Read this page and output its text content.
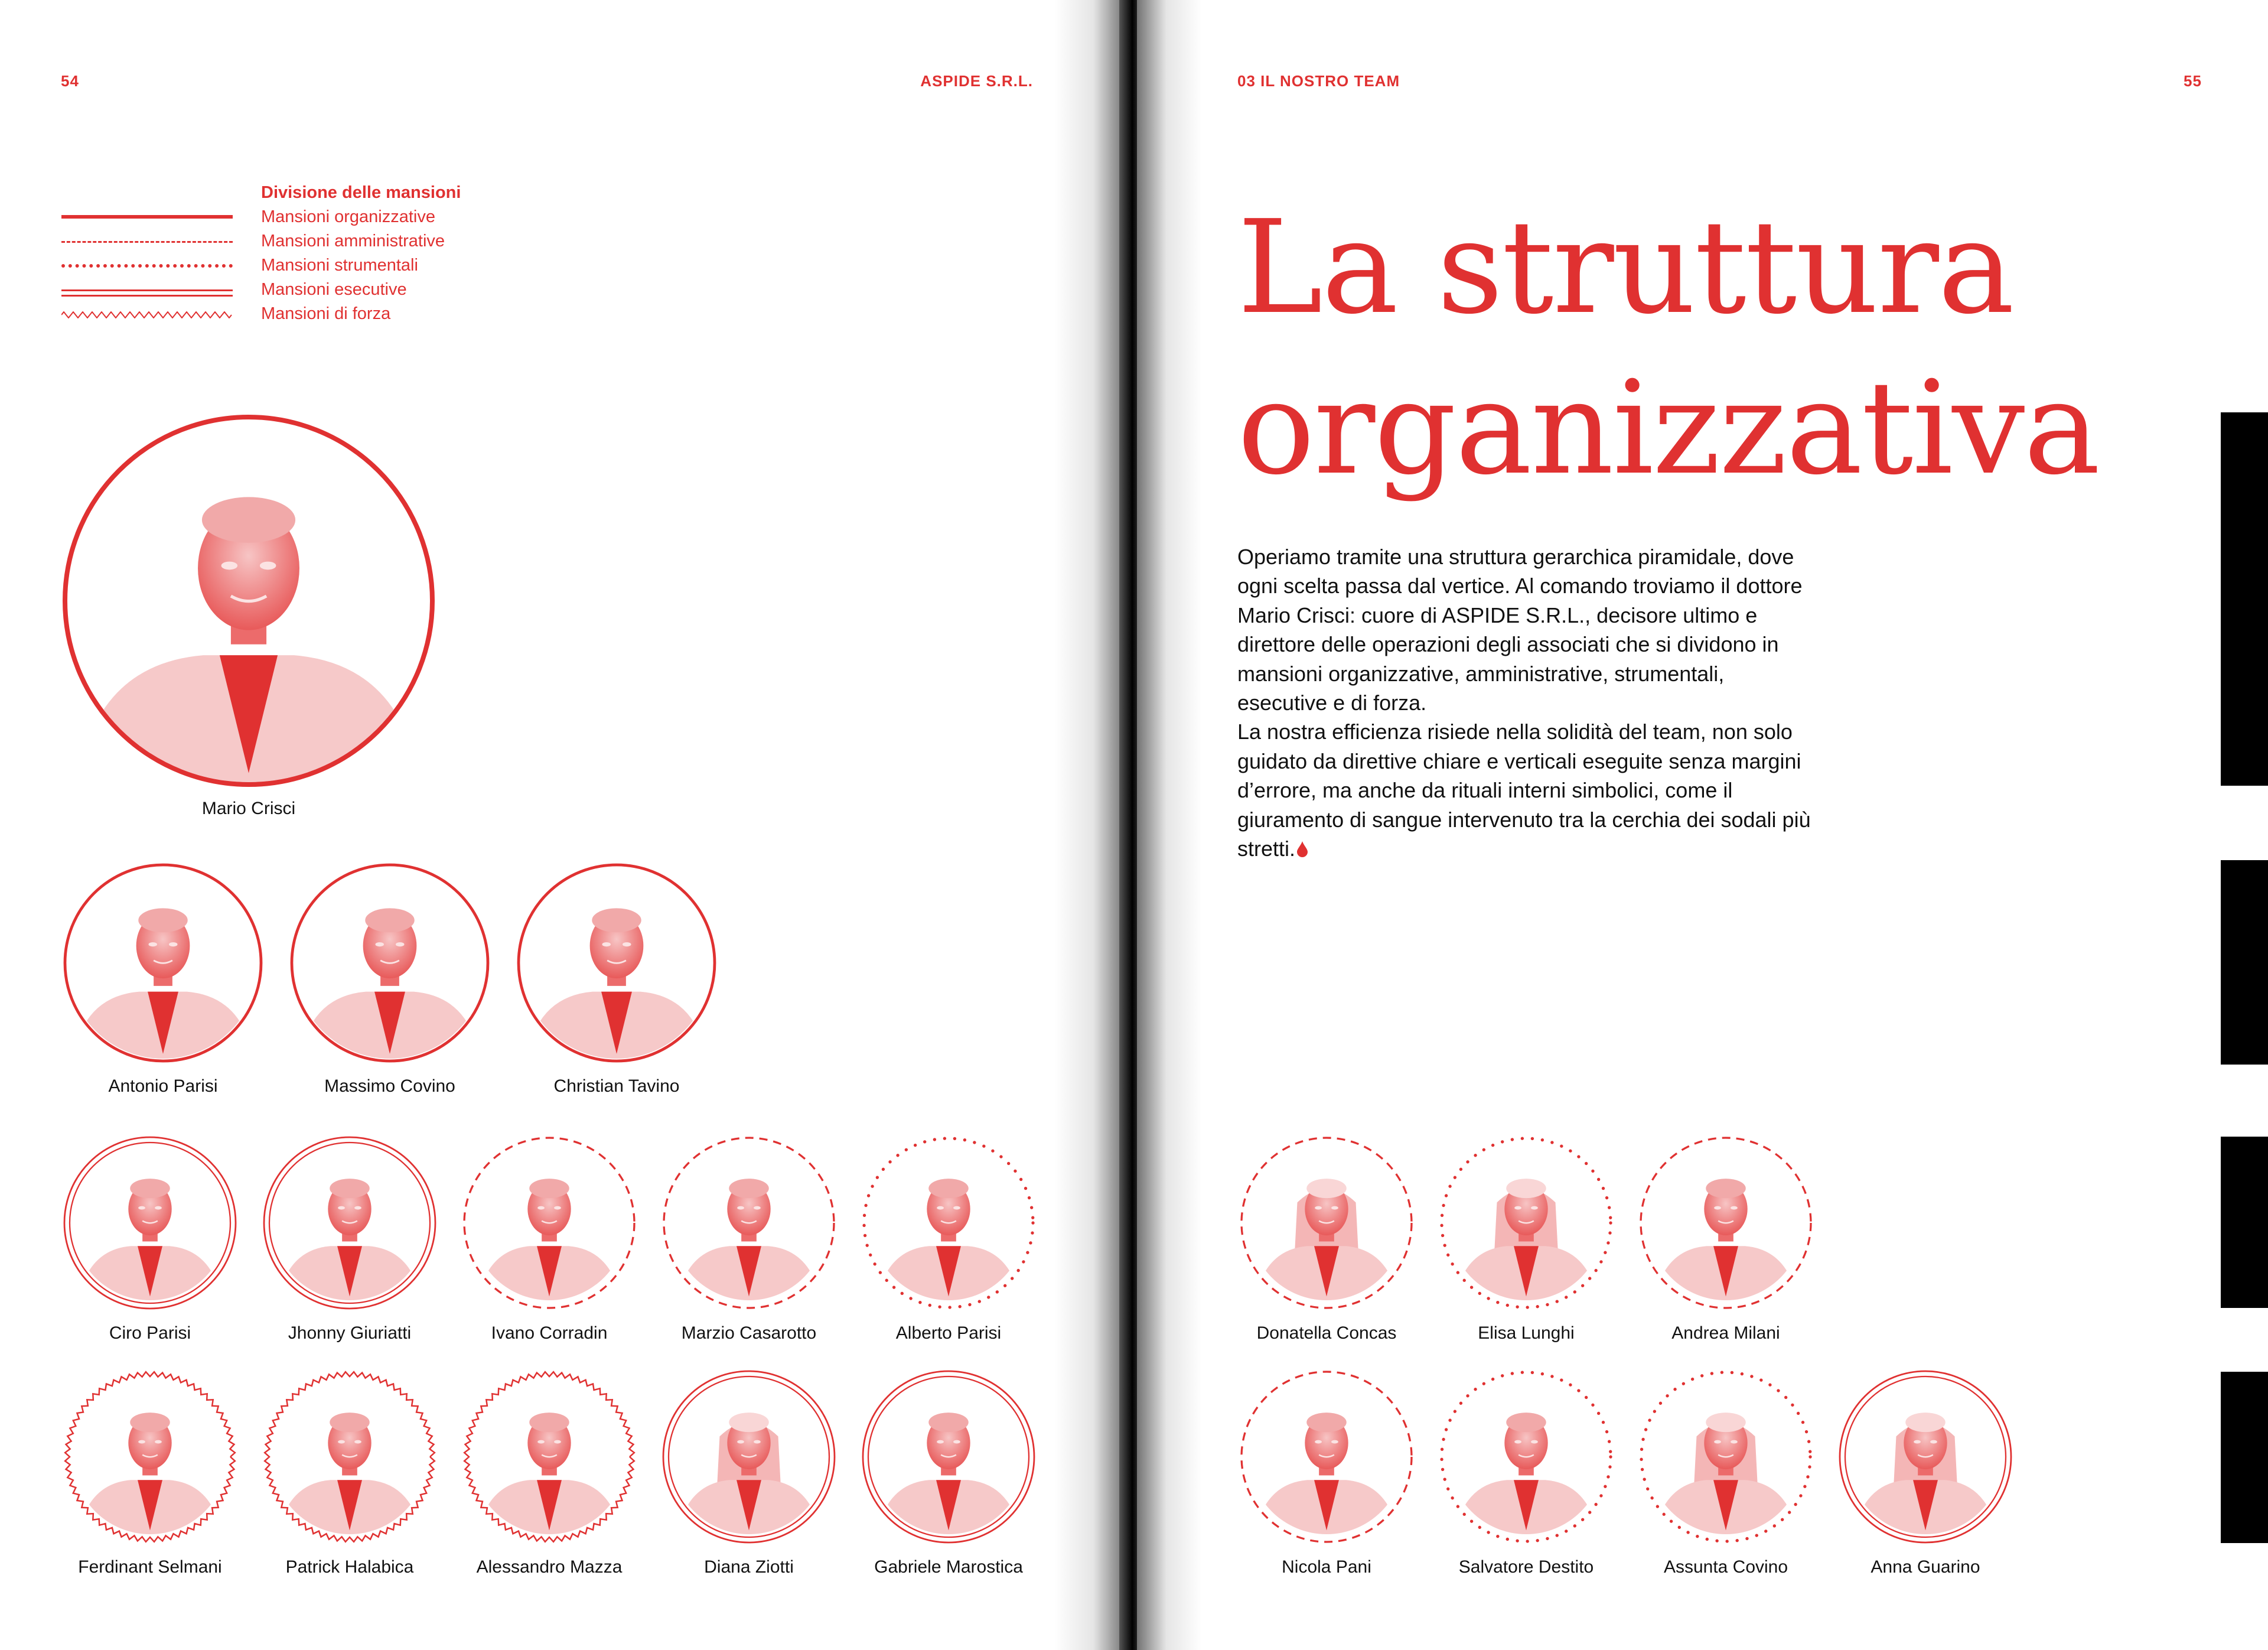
54	ASPIDE S.R.L.
Divisione delle mansioni
Mansioni organizzative
Mansioni amministrative
Mansioni strumentali
Mansioni esecutive
Mansioni di forza
03 IL NOSTRO TEAM	55
La struttura
organizzativa

Operiamo tramite una struttura gerarchica piramidale, dove ogni scelta passa dal vertice. Al comando troviamo il dottore Mario Crisci: cuore di ASPIDE S.R.L., decisore ultimo e direttore delle operazioni degli associati che si dividono in mansioni organizzative, amministrative, strumentali, esecutive e di forza.

La nostra efficienza risiede nella solidità del team, non solo guidato da direttive chiare e verticali eseguite senza margini d’errore, ma anche da rituali interni simbolici, come il giuramento di sangue intervenuto tra la cerchia dei sodali più stretti.

Mario Crisci
Antonio Parisi	Massimo Covino	Christian Tavino
Ciro Parisi	Jhonny Giuriatti	Ivano Corradin	Marzio Casarotto	Alberto Parisi
Ferdinant Selmani	Patrick Halabica	Alessandro Mazza	Diana Ziotti	Gabriele Marostica
Donatella Concas	Elisa Lunghi	Andrea Milani
Nicola Pani	Salvatore Destito	Assunta Covino	Anna Guarino
